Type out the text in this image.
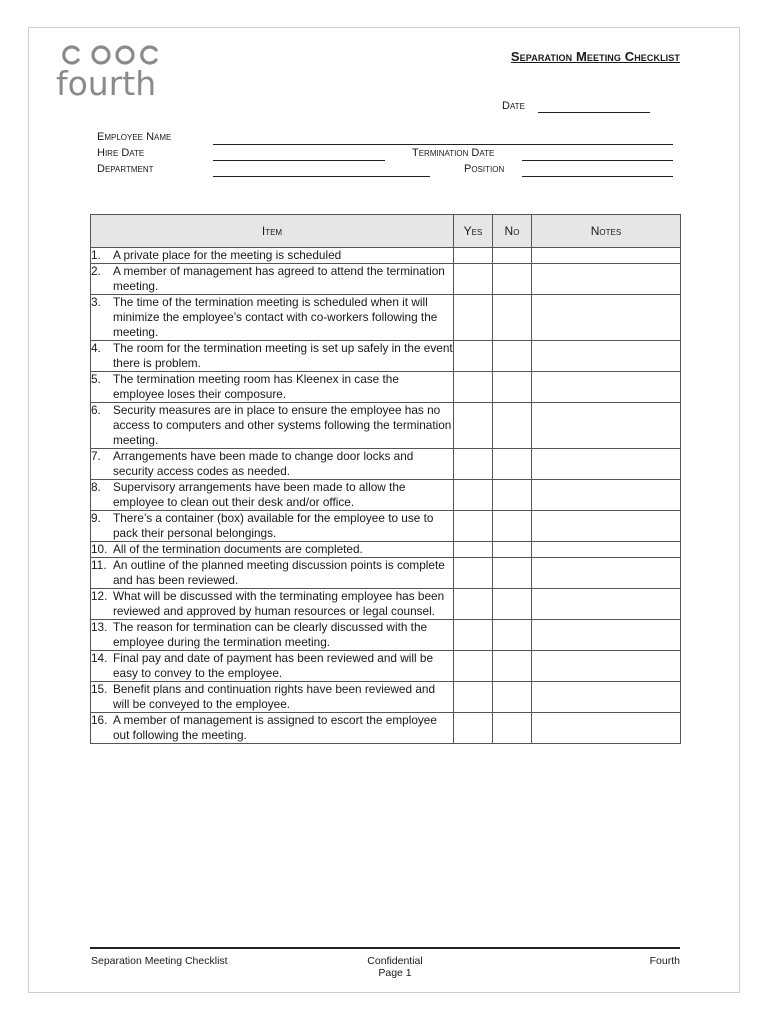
fourth
Separation Meeting Checklist
Date
Employee Name
Hire Date	Termination Date
Department	Position
Item	Yes	No	Notes

1. A private place for the meeting is scheduled			

2. A member of management has agreed to attend the termination meeting.			

3. The time of the termination meeting is scheduled when it will minimize the employee’s contact with co-workers following the meeting.			

4. The room for the termination meeting is set up safely in the event there is problem.			

5. The termination meeting room has Kleenex in case the employee loses their composure.			

6. Security measures are in place to ensure the employee has no access to computers and other systems following the termination meeting.			

7. Arrangements have been made to change door locks and security access codes as needed.			

8. Supervisory arrangements have been made to allow the employee to clean out their desk and/or office.			

9. There’s a container (box) available for the employee to use to pack their personal belongings.			

10. All of the termination documents are completed.			

11. An outline of the planned meeting discussion points is complete and has been reviewed.			

12. What will be discussed with the terminating employee has been reviewed and approved by human resources or legal counsel.			

13. The reason for termination can be clearly discussed with the employee during the termination meeting.			

14. Final pay and date of payment has been reviewed and will be easy to convey to the employee.			

15. Benefit plans and continuation rights have been reviewed and will be conveyed to the employee.			

16. A member of management is assigned to escort the employee out following the meeting.			

Separation Meeting Checklist	Confidential
Page 1
Fourth
